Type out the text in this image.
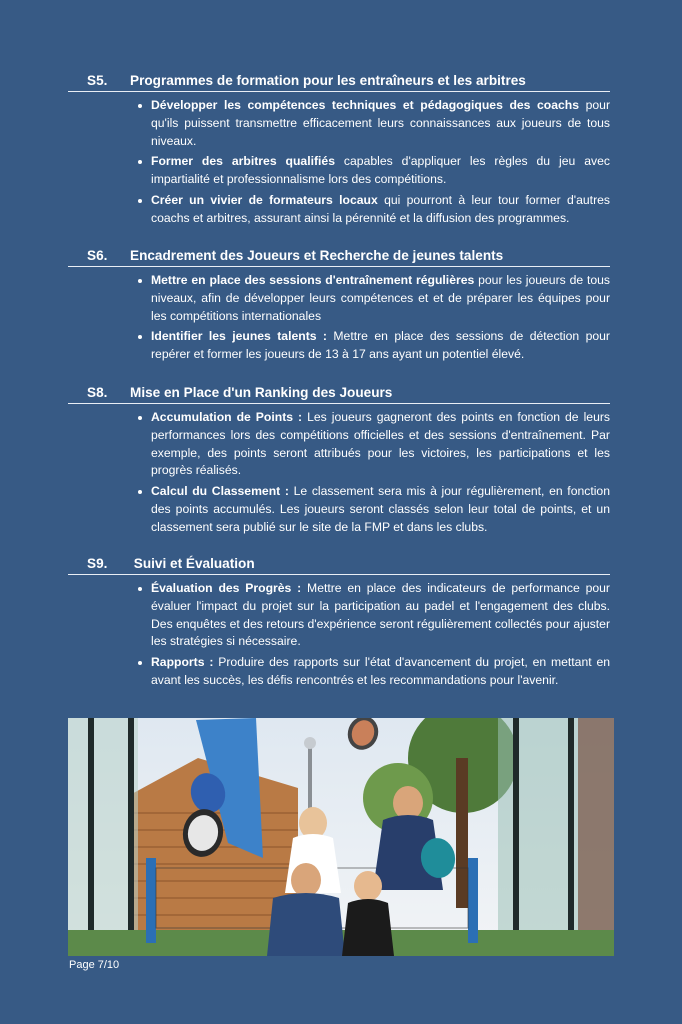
S5.	Programmes de formation pour les entraîneurs et les arbitres
Développer les compétences techniques et pédagogiques des coachs pour qu'ils puissent transmettre efficacement leurs connaissances aux joueurs de tous niveaux.
Former des arbitres qualifiés capables d'appliquer les règles du jeu avec impartialité et professionnalisme lors des compétitions.
Créer un vivier de formateurs locaux qui pourront à leur tour former d'autres coachs et arbitres, assurant ainsi la pérennité et la diffusion des programmes.
S6.	Encadrement des Joueurs et Recherche de jeunes talents
Mettre en place des sessions d'entraînement régulières pour les joueurs de tous niveaux, afin de développer leurs compétences et et de préparer les équipes pour les compétitions internationales
Identifier les jeunes talents : Mettre en place des sessions de détection pour repérer et former les joueurs de 13 à 17 ans ayant un potentiel élevé.
S8.	Mise en Place d'un Ranking des Joueurs
Accumulation de Points : Les joueurs gagneront des points en fonction de leurs performances lors des compétitions officielles et des sessions d'entraînement. Par exemple, des points seront attribués pour les victoires, les participations et les progrès réalisés.
Calcul du Classement : Le classement sera mis à jour régulièrement, en fonction des points accumulés. Les joueurs seront classés selon leur total de points, et un classement sera publié sur le site de la FMP et dans les clubs.
S9.	Suivi et Évaluation
Évaluation des Progrès : Mettre en place des indicateurs de performance pour évaluer l'impact du projet sur la participation au padel et l'engagement des clubs. Des enquêtes et des retours d'expérience seront régulièrement collectés pour ajuster les stratégies si nécessaire.
Rapports : Produire des rapports sur l'état d'avancement du projet, en mettant en avant les succès, les défis rencontrés et les recommandations pour l'avenir.
Page 7/10
